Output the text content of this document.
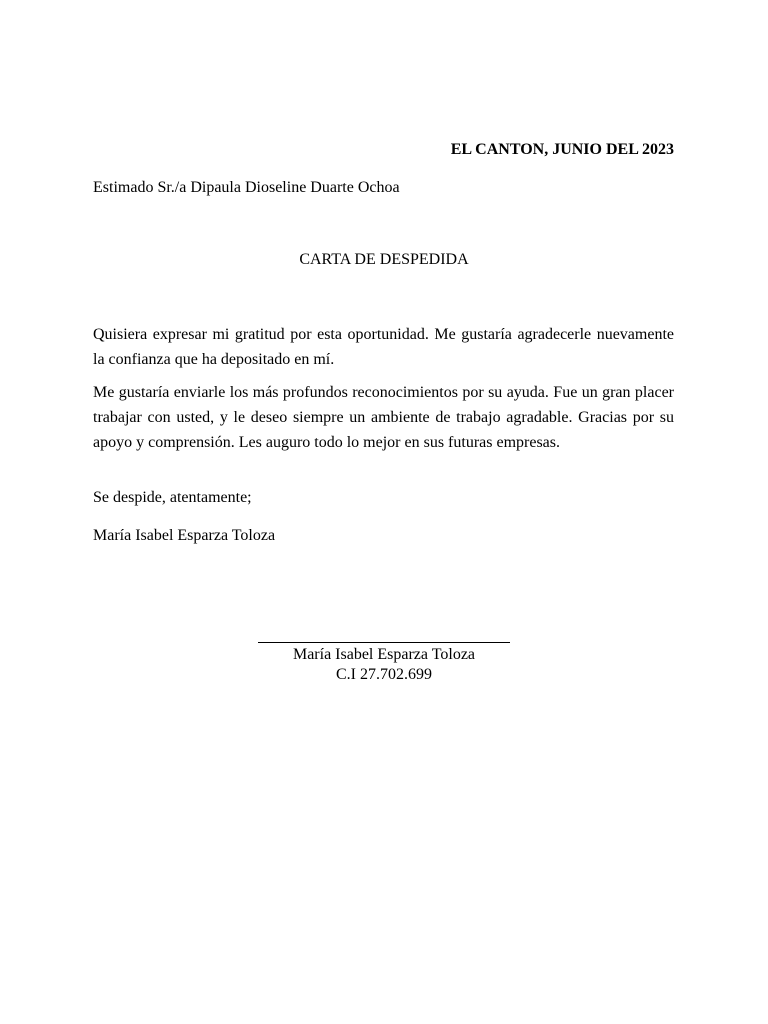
EL CANTON, JUNIO DEL 2023
Estimado Sr./a Dipaula Dioseline Duarte Ochoa
CARTA DE DESPEDIDA

Quisiera expresar mi gratitud por esta oportunidad. Me gustaría agradecerle nuevamente la confianza que ha depositado en mí.

Me gustaría enviarle los más profundos reconocimientos por su ayuda. Fue un gran placer trabajar con usted, y le deseo siempre un ambiente de trabajo agradable. Gracias por su apoyo y comprensión. Les auguro todo lo mejor en sus futuras empresas.

Se despide, atentamente;
María Isabel Esparza Toloza
María Isabel Esparza Toloza
C.I 27.702.699
